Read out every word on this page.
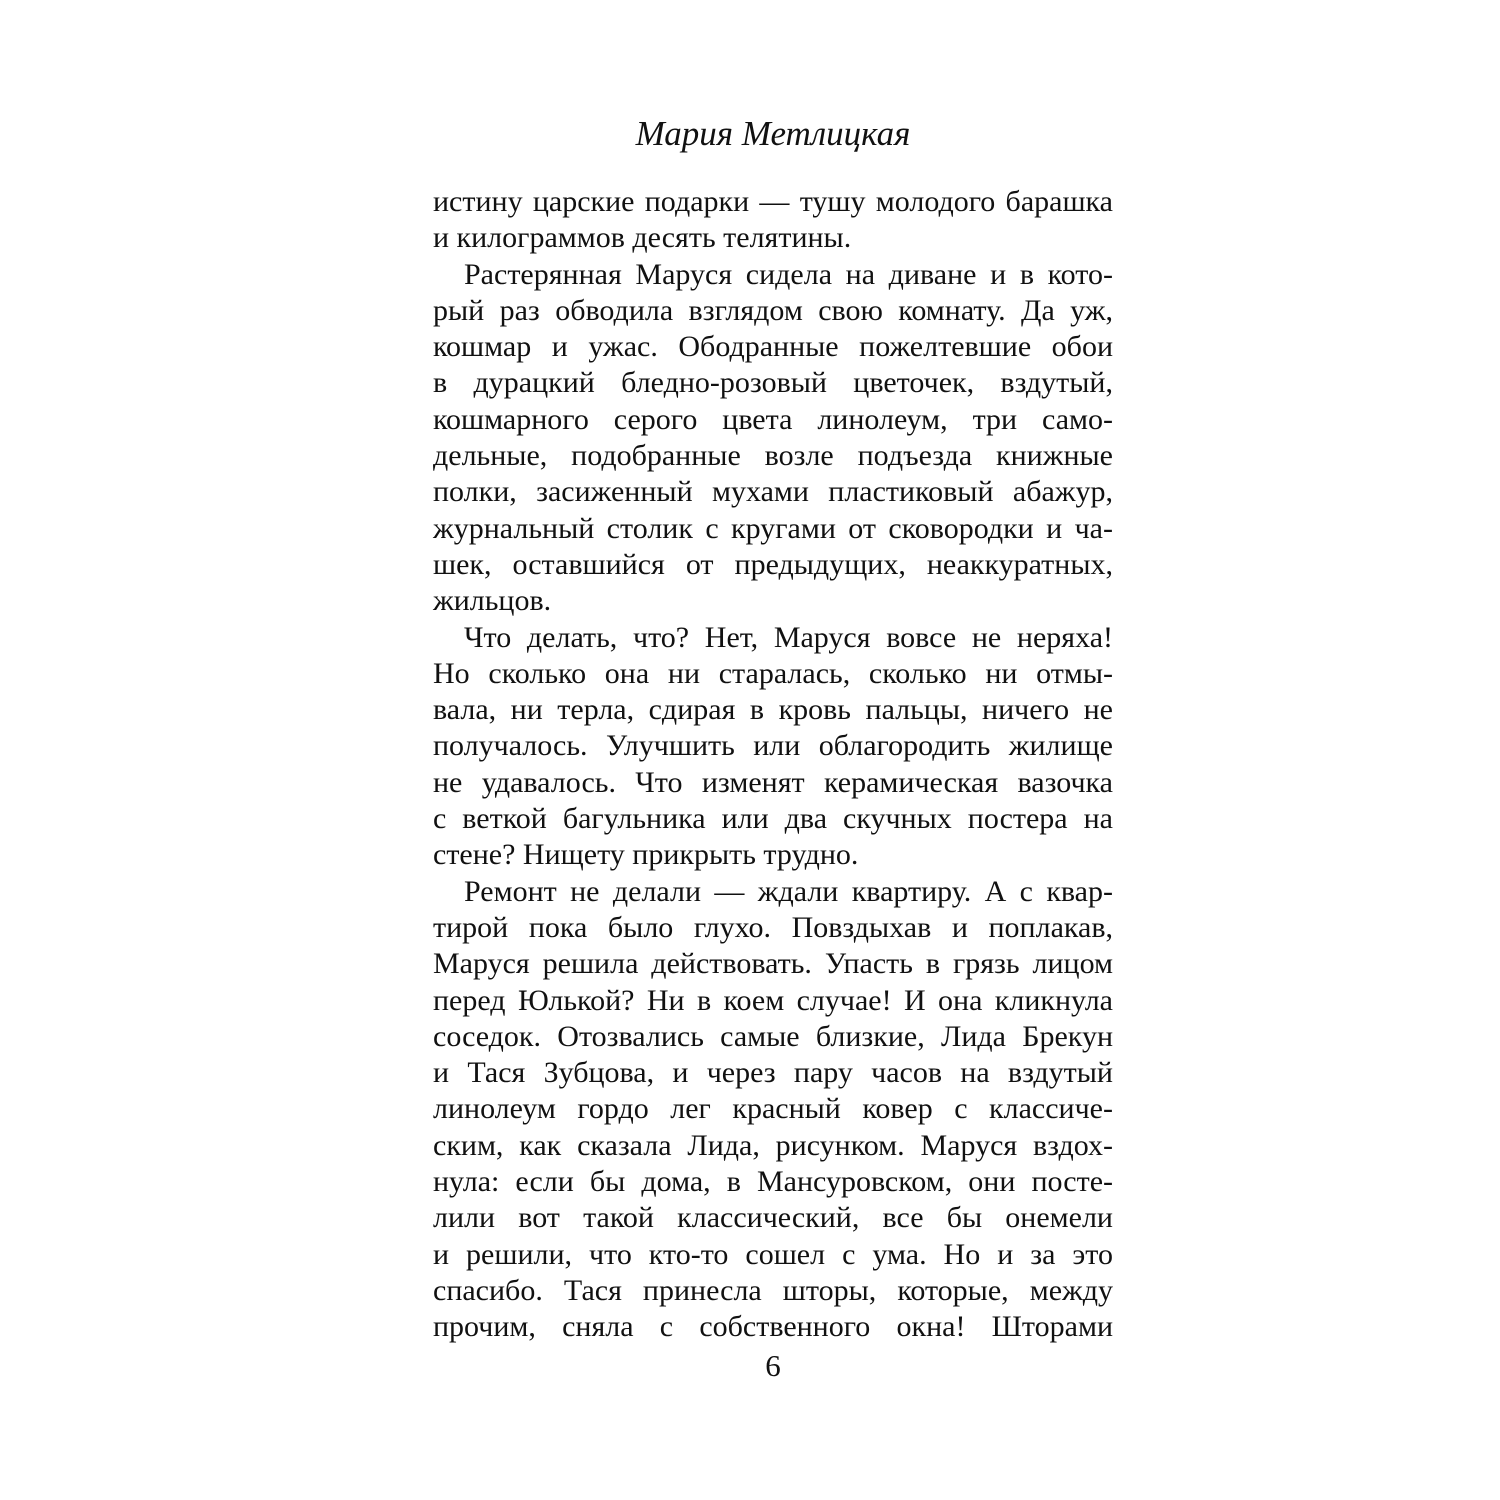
Мария Метлицкая

истину царские подарки — тушу молодого барашка
и килограммов десять телятины.
Растерянная Маруся сидела на диване и в кото-
рый раз обводила взглядом свою комнату. Да уж,
кошмар и ужас. Ободранные пожелтевшие обои
в дурацкий бледно-розовый цветочек, вздутый,
кошмарного серого цвета линолеум, три само-
дельные, подобранные возле подъезда книжные
полки, засиженный мухами пластиковый абажур,
журнальный столик с кругами от сковородки и ча-
шек, оставшийся от предыдущих, неаккуратных,
жильцов.
Что делать, что? Нет, Маруся вовсе не неряха!
Но сколько она ни старалась, сколько ни отмы-
вала, ни терла, сдирая в кровь пальцы, ничего не
получалось. Улучшить или облагородить жилище
не удавалось. Что изменят керамическая вазочка
с веткой багульника или два скучных постера на
стене? Нищету прикрыть трудно.
Ремонт не делали — ждали квартиру. А с квар-
тирой пока было глухо. Повздыхав и поплакав,
Маруся решила действовать. Упасть в грязь лицом
перед Юлькой? Ни в коем случае! И она кликнула
соседок. Отозвались самые близкие, Лида Брекун
и Тася Зубцова, и через пару часов на вздутый
линолеум гордо лег красный ковер с классиче-
ским, как сказала Лида, рисунком. Маруся вздох-
нула: если бы дома, в Мансуровском, они посте-
лили вот такой классический, все бы онемели
и решили, что кто-то сошел с ума. Но и за это
спасибо. Тася принесла шторы, которые, между
прочим, сняла с собственного окна! Шторами

6
